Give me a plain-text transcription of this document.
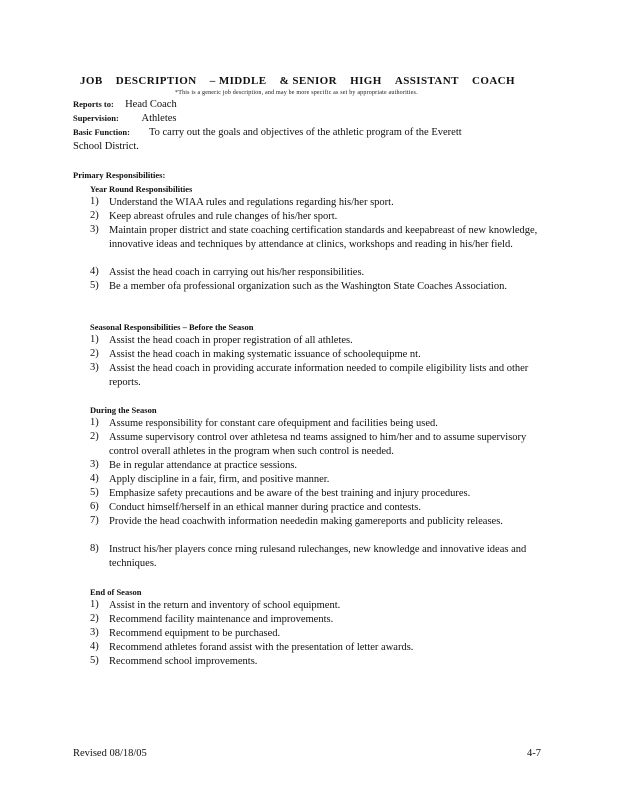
JOB DESCRIPTION – MIDDLE & SENIOR HIGH ASSISTANT COACH
*This is a generic job description, and may be more specific as set by appropriate authorities.
Reports to: Head Coach
Supervision: Athletes
Basic Function: To carry out the goals and objectives of the athletic program of the Everett
School District.
Primary Responsibilities:
Year Round Responsibilities
1) Understand the WIAA rules and regulations regarding his/her sport.
2) Keep abreast ofrules and rule changes of his/her sport.
3) Maintain proper district and state coaching certification standards and keepabreast of new knowledge, innovative ideas and techniques by attendance at clinics, workshops and reading in his/her field.
4) Assist the head coach in carrying out his/her responsibilities.
5) Be a member ofa professional organization such as the Washington State Coaches Association.
Seasonal Responsibilities – Before the Season
1) Assist the head coach in proper registration of all athletes.
2) Assist the head coach in making systematic issuance of schoolequipme nt.
3) Assist the head coach in providing accurate information needed to compile eligibility lists and other reports.
During the Season
1) Assume responsibility for constant care ofequipment and facilities being used.
2) Assume supervisory control over athletesa nd teams assigned to him/her and to assume supervisory control overall athletes in the program when such control is needed.
3) Be in regular attendance at practice sessions.
4) Apply discipline in a fair, firm, and positive manner.
5) Emphasize safety precautions and be aware of the best training and injury procedures.
6) Conduct himself/herself in an ethical manner during practice and contests.
7) Provide the head coachwith information neededin making gamereports and publicity releases.
8) Instruct his/her players conce rning rulesand rulechanges, new knowledge and innovative ideas and techniques.
End of Season
1) Assist in the return and inventory of school equipment.
2) Recommend facility maintenance and improvements.
3) Recommend equipment to be purchased.
4) Recommend athletes forand assist with the presentation of letter awards.
5) Recommend school improvements.
Revised 08/18/05	4-7
